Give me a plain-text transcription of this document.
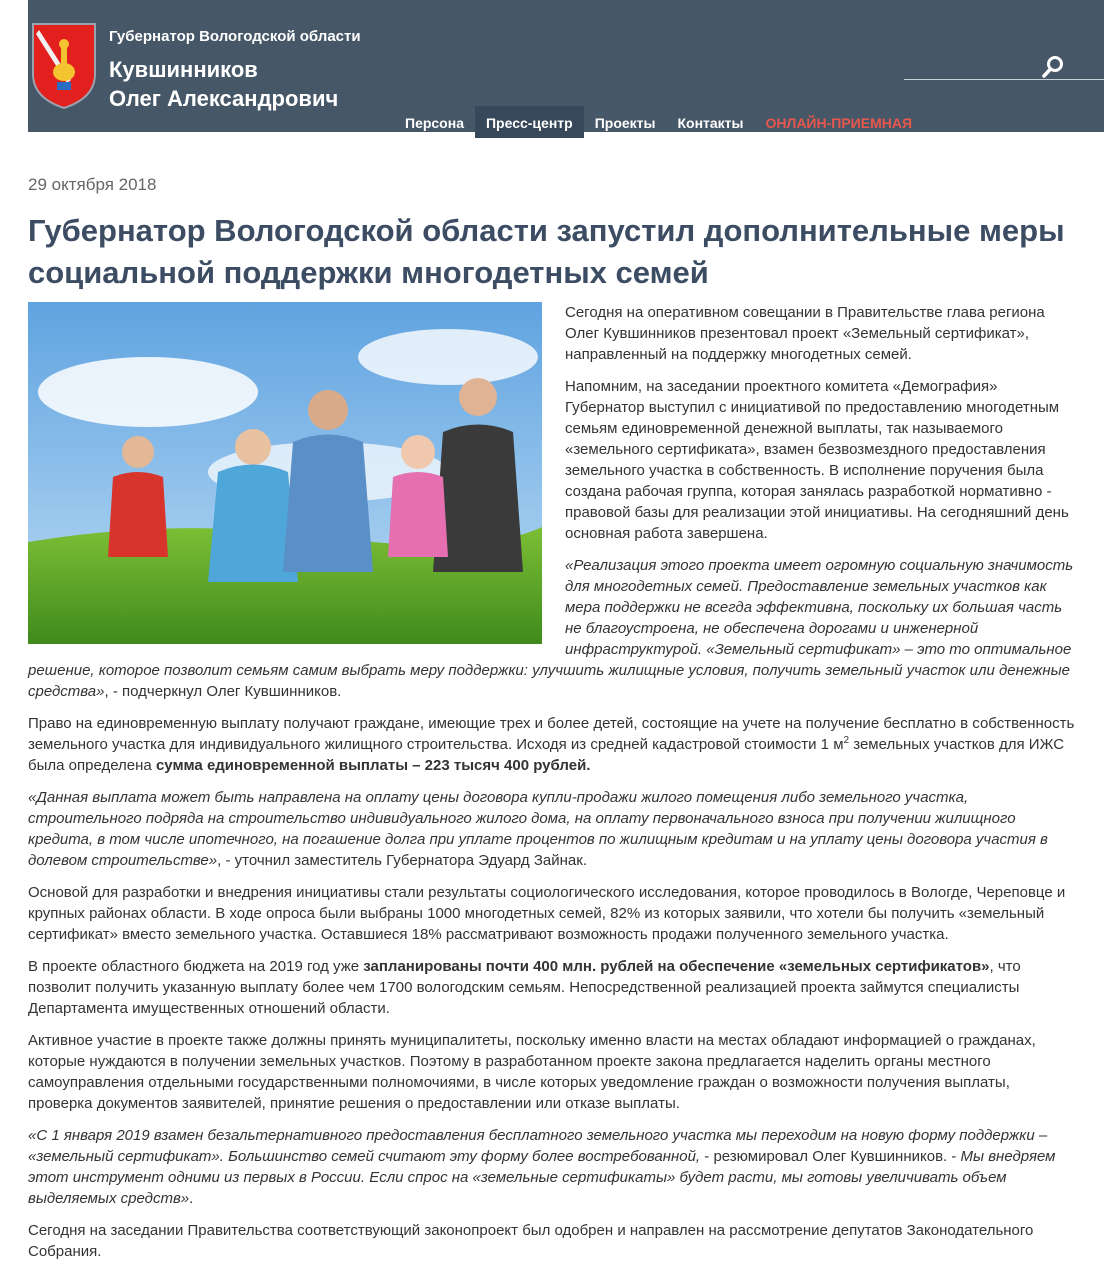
Губернатор Вологодской области
Кувшинников
Олег Александрович
Персона	Пресс-центр	Проекты	Контакты	ОНЛАЙН-ПРИЕМНАЯ
29 октября 2018
Губернатор Вологодской области запустил дополнительные меры социальной поддержки многодетных семей

Сегодня на оперативном совещании в Правительстве глава региона Олег Кувшинников презентовал проект «Земельный сертификат», направленный на поддержку многодетных семей.

Напомним, на заседании проектного комитета «Демография» Губернатор выступил с инициативой по предоставлению многодетным семьям единовременной денежной выплаты, так называемого «земельного сертификата», взамен безвозмездного предоставления земельного участка в собственность. В исполнение поручения была создана рабочая группа, которая занялась разработкой нормативно - правовой базы для реализации этой инициативы. На сегодняшний день основная работа завершена.

«Реализация этого проекта имеет огромную социальную значимость для многодетных семей. Предоставление земельных участков как мера поддержки не всегда эффективна, поскольку их большая часть не благоустроена, не обеспечена дорогами и инженерной инфраструктурой. «Земельный сертификат» – это то оптимальное решение, которое позволит семьям самим выбрать меру поддержки: улучшить жилищные условия, получить земельный участок или денежные средства», - подчеркнул Олег Кувшинников.

Право на единовременную выплату получают граждане, имеющие трех и более детей, состоящие на учете на получение бесплатно в собственность земельного участка для индивидуального жилищного строительства. Исходя из средней кадастровой стоимости 1 $м^2$ земельных участков для ИЖС была определена сумма единовременной выплаты – 223 тысяч 400 рублей.

«Данная выплата может быть направлена на оплату цены договора купли-продажи жилого помещения либо земельного участка, строительного подряда на строительство индивидуального жилого дома, на оплату первоначального взноса при получении жилищного кредита, в том числе ипотечного, на погашение долга при уплате процентов по жилищным кредитам и на уплату цены договора участия в долевом строительстве», - уточнил заместитель Губернатора Эдуард Зайнак.

Основой для разработки и внедрения инициативы стали результаты социологического исследования, которое проводилось в Вологде, Череповце и крупных районах области. В ходе опроса были выбраны 1000 многодетных семей, 82% из которых заявили, что хотели бы получить «земельный сертификат» вместо земельного участка. Оставшиеся 18% рассматривают возможность продажи полученного земельного участка.

В проекте областного бюджета на 2019 год уже запланированы почти 400 млн. рублей на обеспечение «земельных сертификатов», что позволит получить указанную выплату более чем 1700 вологодским семьям. Непосредственной реализацией проекта займутся специалисты Департамента имущественных отношений области.

Активное участие в проекте также должны принять муниципалитеты, поскольку именно власти на местах обладают информацией о гражданах, которые нуждаются в получении земельных участков. Поэтому в разработанном проекте закона предлагается наделить органы местного самоуправления отдельными государственными полномочиями, в числе которых уведомление граждан о возможности получения выплаты, проверка документов заявителей, принятие решения о предоставлении или отказе выплаты.

«С 1 января 2019 взамен безальтернативного предоставления бесплатного земельного участка мы переходим на новую форму поддержки – «земельный сертификат». Большинство семей считают эту форму более востребованной, - резюмировал Олег Кувшинников. - Мы внедряем этот инструмент одними из первых в России. Если спрос на «земельные сертификаты» будет расти, мы готовы увеличивать объем выделяемых средств».

Сегодня на заседании Правительства соответствующий законопроект был одобрен и направлен на рассмотрение депутатов Законодательного Собрания.
